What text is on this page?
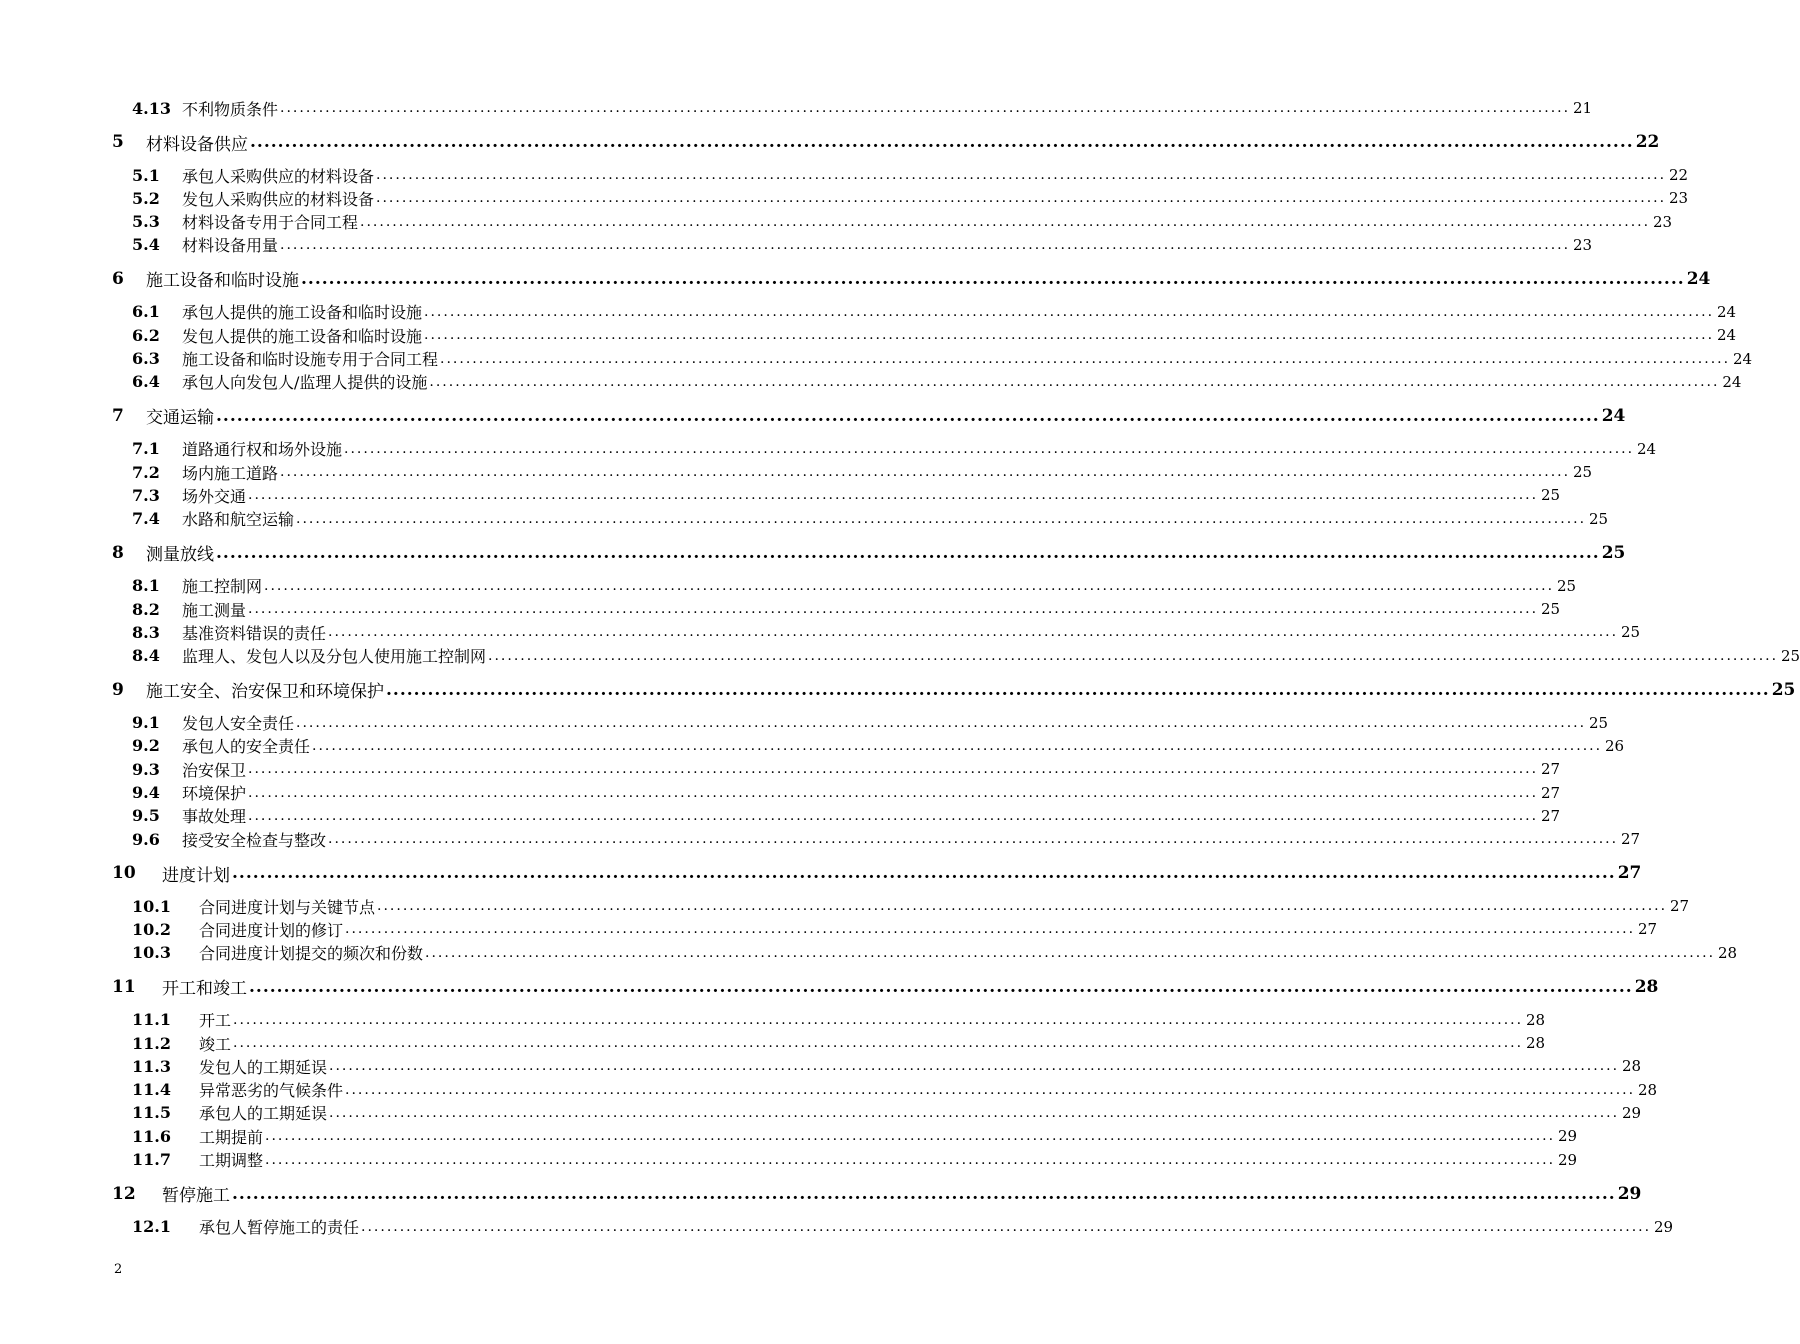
4.13 不利物质条件 ........................................................................................................................................................................................................ 21
5	材料设备供应 ........................................................................................................................................................................................................ 22
5.1	承包人采购供应的材料设备 ........................................................................................................................................................................................................ 22
5.2	发包人采购供应的材料设备 ........................................................................................................................................................................................................ 23
5.3	材料设备专用于合同工程 ........................................................................................................................................................................................................ 23
5.4	材料设备用量 ........................................................................................................................................................................................................ 23
6	施工设备和临时设施 ........................................................................................................................................................................................................ 24
6.1	承包人提供的施工设备和临时设施 ........................................................................................................................................................................................................ 24
6.2	发包人提供的施工设备和临时设施 ........................................................................................................................................................................................................ 24
6.3	施工设备和临时设施专用于合同工程 ........................................................................................................................................................................................................ 24
6.4	承包人向发包人/监理人提供的设施 ........................................................................................................................................................................................................ 24
7	交通运输 ........................................................................................................................................................................................................ 24
7.1	道路通行权和场外设施 ........................................................................................................................................................................................................ 24
7.2	场内施工道路 ........................................................................................................................................................................................................ 25
7.3	场外交通 ........................................................................................................................................................................................................ 25
7.4	水路和航空运输 ........................................................................................................................................................................................................ 25
8	测量放线 ........................................................................................................................................................................................................ 25
8.1	施工控制网 ........................................................................................................................................................................................................ 25
8.2	施工测量 ........................................................................................................................................................................................................ 25
8.3	基准资料错误的责任 ........................................................................................................................................................................................................ 25
8.4	监理人、发包人以及分包人使用施工控制网 ........................................................................................................................................................................................................ 25
9	施工安全、治安保卫和环境保护 ........................................................................................................................................................................................................ 25
9.1	发包人安全责任 ........................................................................................................................................................................................................ 25
9.2	承包人的安全责任 ........................................................................................................................................................................................................ 26
9.3	治安保卫 ........................................................................................................................................................................................................ 27
9.4	环境保护 ........................................................................................................................................................................................................ 27
9.5	事故处理 ........................................................................................................................................................................................................ 27
9.6	接受安全检查与整改 ........................................................................................................................................................................................................ 27
10	进度计划 ........................................................................................................................................................................................................ 27
10.1	合同进度计划与关键节点 ........................................................................................................................................................................................................ 27
10.2	合同进度计划的修订 ........................................................................................................................................................................................................ 27
10.3	合同进度计划提交的频次和份数 ........................................................................................................................................................................................................ 28
11	开工和竣工 ........................................................................................................................................................................................................ 28
11.1	开工 ........................................................................................................................................................................................................ 28
11.2	竣工 ........................................................................................................................................................................................................ 28
11.3	发包人的工期延误 ........................................................................................................................................................................................................ 28
11.4	异常恶劣的气候条件 ........................................................................................................................................................................................................ 28
11.5	承包人的工期延误 ........................................................................................................................................................................................................ 29
11.6	工期提前 ........................................................................................................................................................................................................ 29
11.7	工期调整 ........................................................................................................................................................................................................ 29
12	暂停施工 ........................................................................................................................................................................................................ 29
12.1	承包人暂停施工的责任 ........................................................................................................................................................................................................ 29
2
